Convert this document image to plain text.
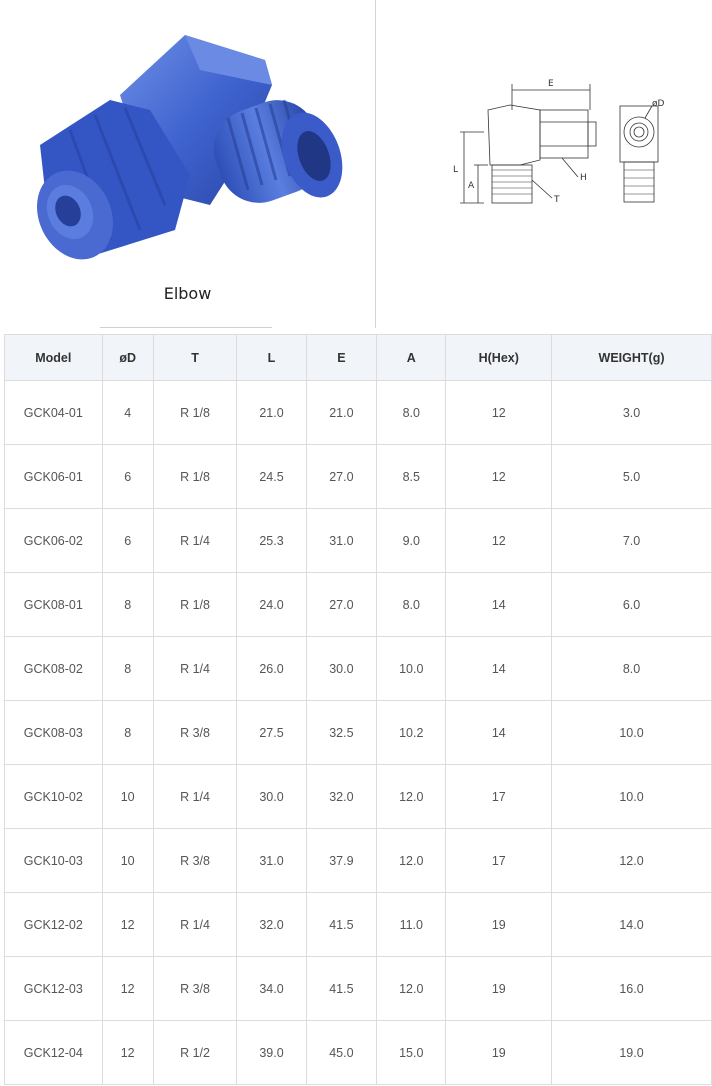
Elbow
E
øD
L
A
H
T
Model	øD	T	L	E	A	H(Hex)	WEIGHT(g)
GCK04-01	4	R 1/8	21.0	21.0	8.0	12	3.0
GCK06-01	6	R 1/8	24.5	27.0	8.5	12	5.0
GCK06-02	6	R 1/4	25.3	31.0	9.0	12	7.0
GCK08-01	8	R 1/8	24.0	27.0	8.0	14	6.0
GCK08-02	8	R 1/4	26.0	30.0	10.0	14	8.0
GCK08-03	8	R 3/8	27.5	32.5	10.2	14	10.0
GCK10-02	10	R 1/4	30.0	32.0	12.0	17	10.0
GCK10-03	10	R 3/8	31.0	37.9	12.0	17	12.0
GCK12-02	12	R 1/4	32.0	41.5	11.0	19	14.0
GCK12-03	12	R 3/8	34.0	41.5	12.0	19	16.0
GCK12-04	12	R 1/2	39.0	45.0	15.0	19	19.0
